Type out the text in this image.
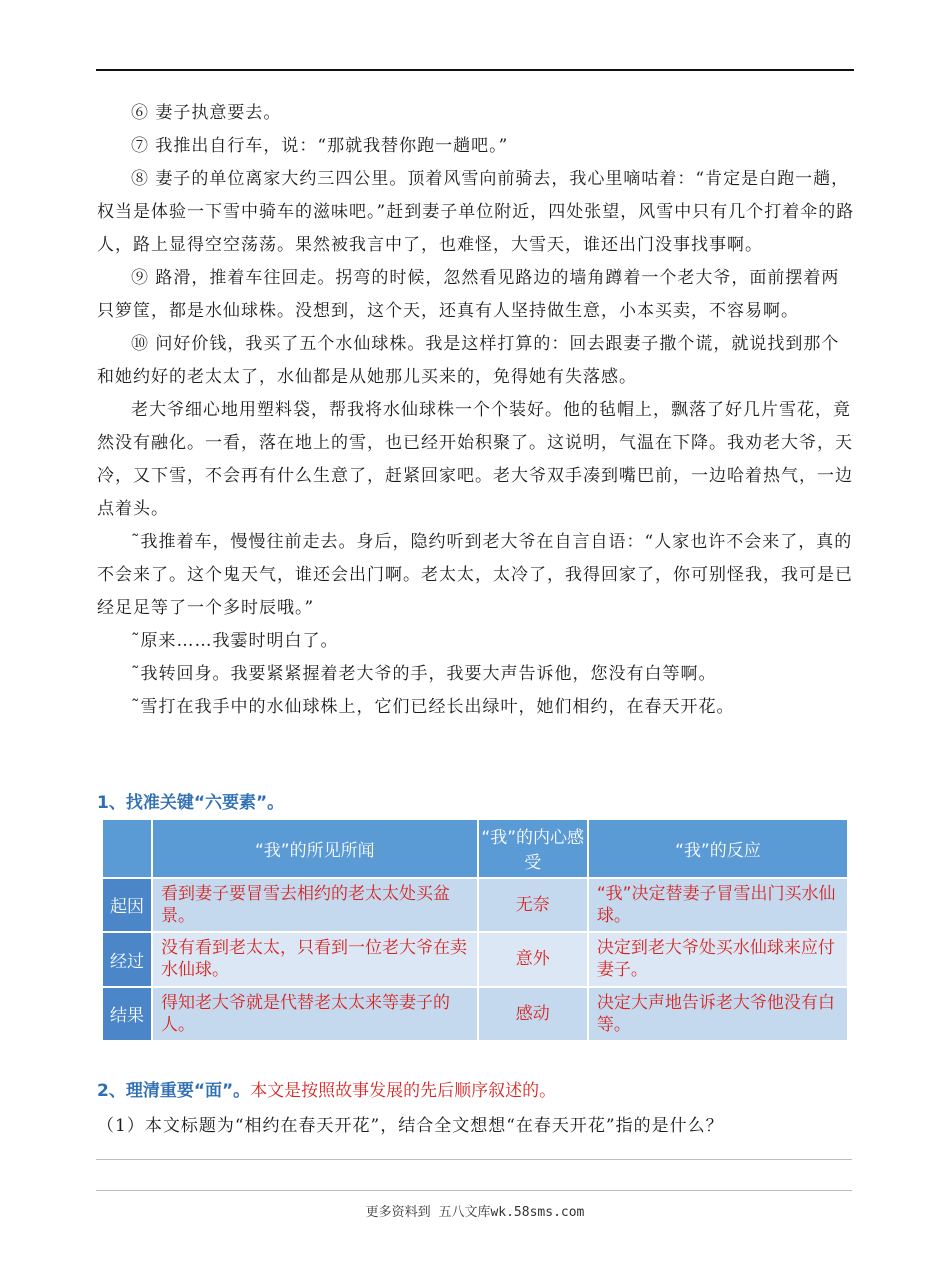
⑥ 妻子执意要去。

⑦ 我推出自行车，说：“那就我替你跑一趟吧。”

⑧ 妻子的单位离家大约三四公里。顶着风雪向前骑去，我心里嘀咕着：“肯定是白跑一趟，权当是体验一下雪中骑车的滋味吧。”赶到妻子单位附近，四处张望，风雪中只有几个打着伞的路人，路上显得空空荡荡。果然被我言中了，也难怪，大雪天，谁还出门没事找事啊。

⑨ 路滑，推着车往回走。拐弯的时候，忽然看见路边的墙角蹲着一个老大爷，面前摆着两只箩筐，都是水仙球株。没想到，这个天，还真有人坚持做生意，小本买卖，不容易啊。

⑩ 问好价钱，我买了五个水仙球株。我是这样打算的：回去跟妻子撒个谎，就说找到那个和她约好的老太太了，水仙都是从她那儿买来的，免得她有失落感。

老大爷细心地用塑料袋，帮我将水仙球株一个个装好。他的毡帽上，飘落了好几片雪花，竟然没有融化。一看，落在地上的雪，也已经开始积聚了。这说明，气温在下降。我劝老大爷，天冷，又下雪，不会再有什么生意了，赶紧回家吧。老大爷双手凑到嘴巴前，一边哈着热气，一边点着头。

˜我推着车，慢慢往前走去。身后，隐约听到老大爷在自言自语：“人家也许不会来了，真的不会来了。这个鬼天气，谁还会出门啊。老太太，太冷了，我得回家了，你可别怪我，我可是已经足足等了一个多时辰哦。”

˜原来……我霎时明白了。

˜我转回身。我要紧紧握着老大爷的手，我要大声告诉他，您没有白等啊。

˜雪打在我手中的水仙球株上，它们已经长出绿叶，她们相约，在春天开花。

1、找准关键“六要素”。
	“我”的所见所闻	“我”的内心感受	“我”的反应
起因	看到妻子要冒雪去相约的老太太处买盆景。	无奈	“我”决定替妻子冒雪出门买水仙球。
经过	没有看到老太太，只看到一位老大爷在卖水仙球。	意外	决定到老大爷处买水仙球来应付妻子。
结果	得知老大爷就是代替老太太来等妻子的人。	感动	决定大声地告诉老大爷他没有白等。
2、理清重要“面”。本文是按照故事发展的先后顺序叙述的。
（1）本文标题为“相约在春天开花”，结合全文想想“在春天开花”指的是什么？
更多资料到 五八文库wk.58sms.com
